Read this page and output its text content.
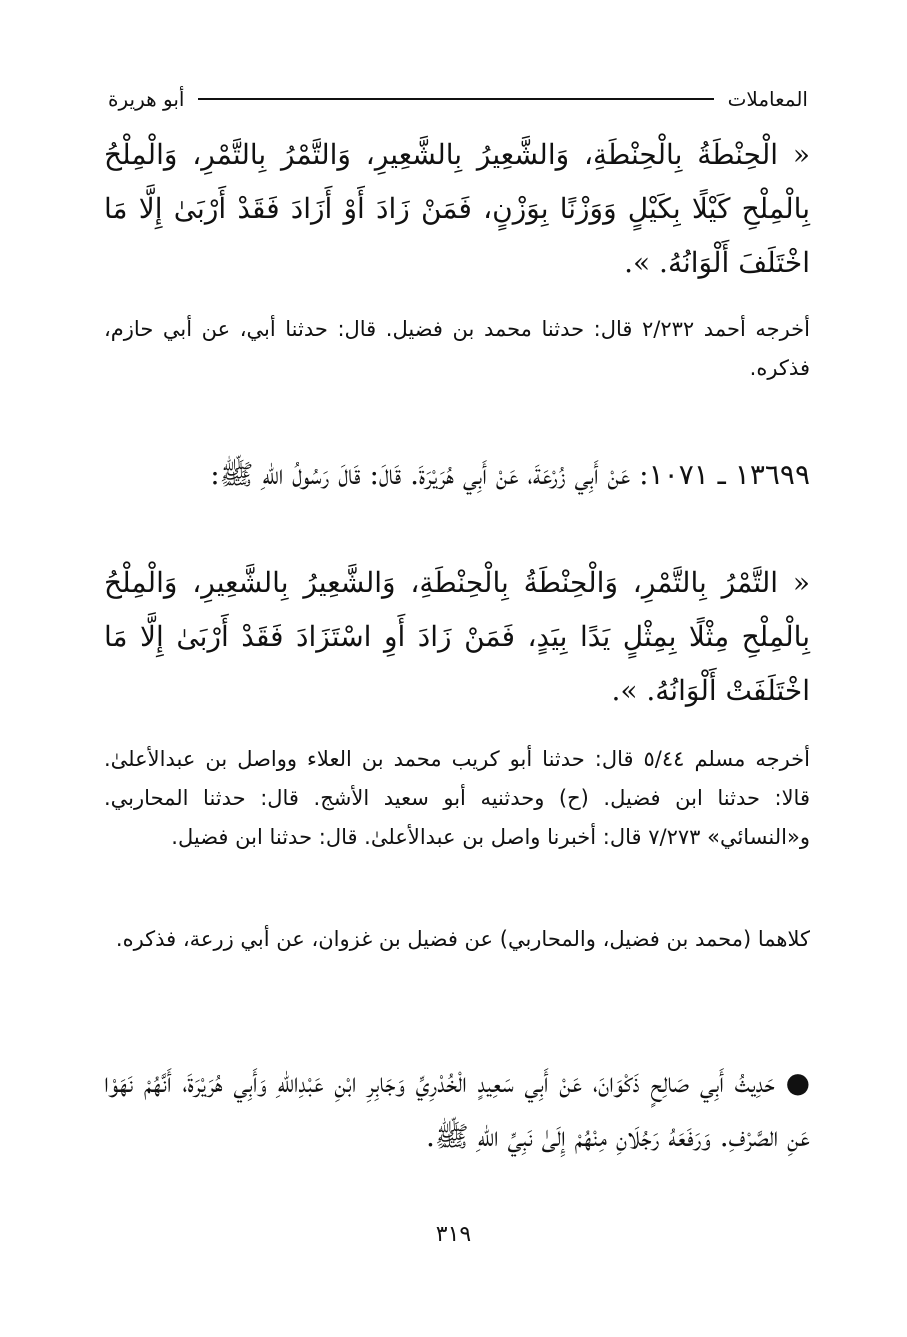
المعاملات
أبو هريرة

« الْحِنْطَةُ بِالْحِنْطَةِ، وَالشَّعِيرُ بِالشَّعِيرِ، وَالتَّمْرُ بِالتَّمْرِ، وَالْمِلْحُ بِالْمِلْحِ كَيْلًا بِكَيْلٍ وَوَزْنًا بِوَزْنٍ، فَمَنْ زَادَ أَوْ أَزَادَ فَقَدْ أَرْبَىٰ إِلَّا مَا اخْتَلَفَ أَلْوَانُهُ. ».

أخرجه أحمد ٢/٢٣٢ قال: حدثنا محمد بن فضيل. قال: حدثنا أبي، عن أبي حازم، فذكره.

١٣٦٩٩ ـ ١٠٧١: عَنْ أَبِي زُرْعَةَ، عَنْ أَبِي هُرَيْرَةَ. قَالَ: قَالَ رَسُولُ اللهِ ﷺ:

« التَّمْرُ بِالتَّمْرِ، وَالْحِنْطَةُ بِالْحِنْطَةِ، وَالشَّعِيرُ بِالشَّعِيرِ، وَالْمِلْحُ بِالْمِلْحِ مِثْلًا بِمِثْلٍ يَدًا بِيَدٍ، فَمَنْ زَادَ أَوِ اسْتَزَادَ فَقَدْ أَرْبَىٰ إِلَّا مَا اخْتَلَفَتْ أَلْوَانُهُ. ».

أخرجه مسلم ٥/٤٤ قال: حدثنا أبو كريب محمد بن العلاء وواصل بن عبدالأعلىٰ. قالا: حدثنا ابن فضيل. (ح) وحدثنيه أبو سعيد الأشج. قال: حدثنا المحاربي. و«النسائي» ٧/٢٧٣ قال: أخبرنا واصل بن عبدالأعلىٰ. قال: حدثنا ابن فضيل.

كلاهما (محمد بن فضيل، والمحاربي) عن فضيل بن غزوان، عن أبي زرعة، فذكره.

● حَدِيثُ أَبِي صَالِحٍ ذَكْوَانَ، عَنْ أَبِي سَعِيدٍ الْخُدْرِيِّ وَجَابِرِ ابْنِ عَبْدِاللهِ وَأَبِي هُرَيْرَةَ، أَنَّهُمْ نَهَوْا عَنِ الصَّرْفِ. وَرَفَعَهُ رَجُلَانِ مِنْهُمْ إِلَىٰ نَبِيِّ اللهِ ﷺ.

٣١٩
